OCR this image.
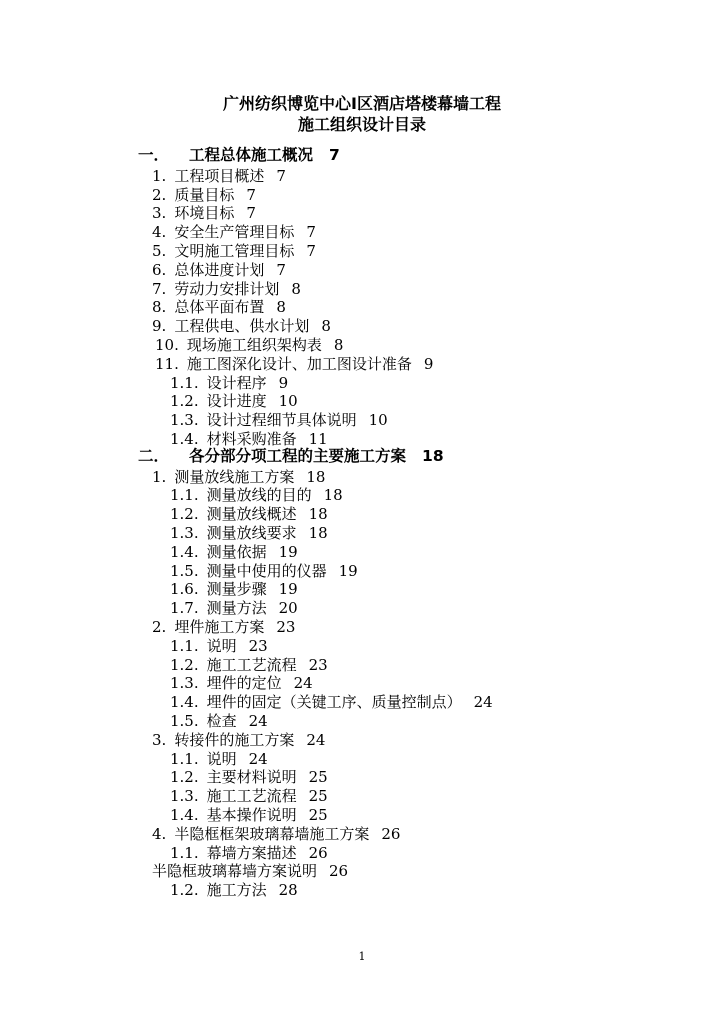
广州纺织博览中心Ⅰ区酒店塔楼幕墙工程
施工组织设计目录
一． 工程总体施工概况 7
1. 工程项目概述 7
2. 质量目标 7
3. 环境目标 7
4. 安全生产管理目标 7
5. 文明施工管理目标 7
6. 总体进度计划 7
7. 劳动力安排计划 8
8. 总体平面布置 8
9. 工程供电、供水计划 8
10. 现场施工组织架构表 8
11. 施工图深化设计、加工图设计准备 9
1.1. 设计程序 9
1.2. 设计进度 10
1.3. 设计过程细节具体说明 10
1.4. 材料采购准备 11
二． 各分部分项工程的主要施工方案 18
1. 测量放线施工方案 18
1.1. 测量放线的目的 18
1.2. 测量放线概述 18
1.3. 测量放线要求 18
1.4. 测量依据 19
1.5. 测量中使用的仪器 19
1.6. 测量步骤 19
1.7. 测量方法 20
2. 埋件施工方案 23
1.1. 说明 23
1.2. 施工工艺流程 23
1.3. 埋件的定位 24
1.4. 埋件的固定（关键工序、质量控制点） 24
1.5. 检查 24
3. 转接件的施工方案 24
1.1. 说明 24
1.2. 主要材料说明 25
1.3. 施工工艺流程 25
1.4. 基本操作说明 25
4. 半隐框框架玻璃幕墙施工方案 26
1.1. 幕墙方案描述 26
半隐框玻璃幕墙方案说明 26
1.2. 施工方法 28
1
